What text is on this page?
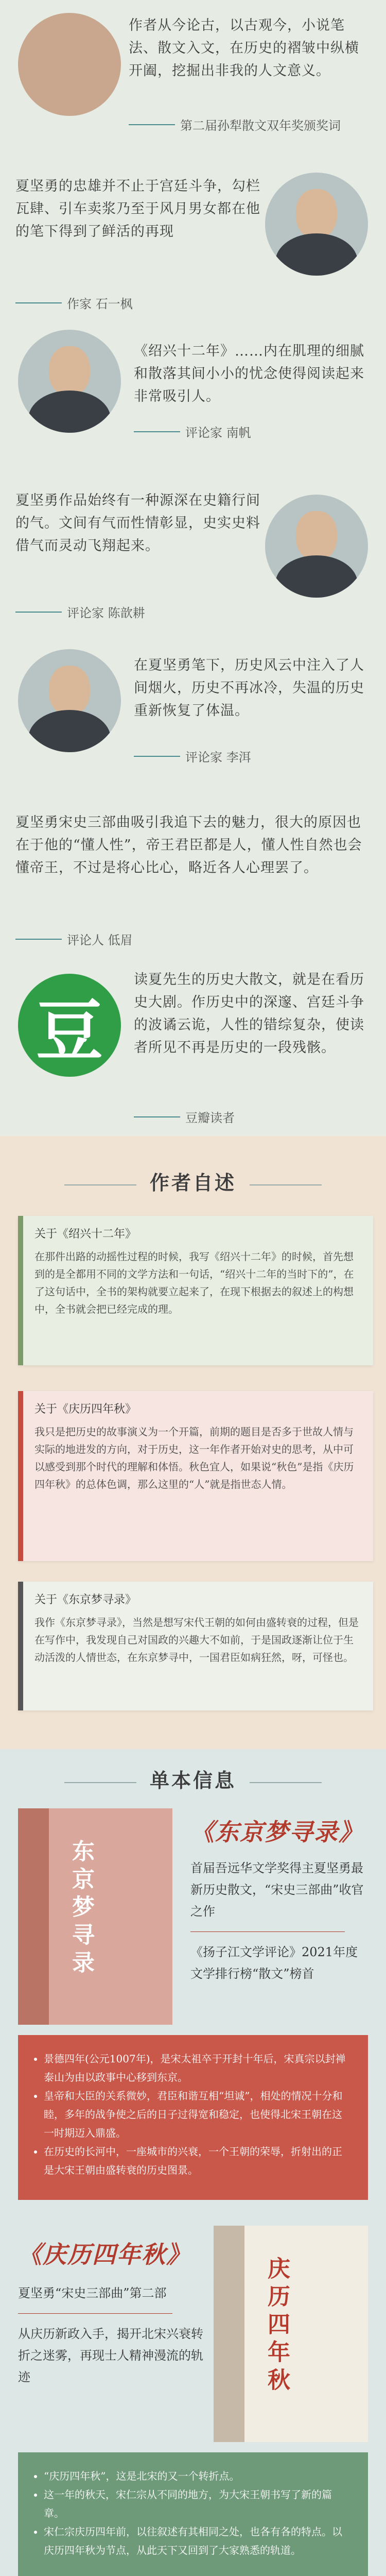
作者从今论古，以古观今，小说笔法、散文入文，在历史的褶皱中纵横开阖，挖掘出非我的人文意义。
第二届孙犁散文双年奖颁奖词
夏坚勇的忠雄并不止于宫廷斗争，勾栏瓦肆、引车卖浆乃至于风月男女都在他的笔下得到了鲜活的再现
作家 石一枫
《绍兴十二年》……内在肌理的细腻和散落其间小小的忧念使得阅读起来非常吸引人。
评论家 南帆
夏坚勇作品始终有一种源深在史籍行间的气。文间有气而性情彰显，史实史料借气而灵动飞翔起来。
评论家 陈歆耕
在夏坚勇笔下，历史风云中注入了人间烟火，历史不再冰冷，失温的历史重新恢复了体温。
评论家 李洱
夏坚勇宋史三部曲吸引我追下去的魅力，很大的原因也在于他的“懂人性”，帝王君臣都是人，懂人性自然也会懂帝王，不过是将心比心，略近各人心理罢了。
评论人 低眉
豆
读夏先生的历史大散文，就是在看历史大剧。作历史中的深邃、宫廷斗争的波谲云诡，人性的错综复杂，使读者所见不再是历史的一段残骸。
豆瓣读者
作者自述
关于《绍兴十二年》
在那件出路的动摇性过程的时候，我写《绍兴十二年》的时候，首先想到的是全都用不同的文学方法和一句话，“绍兴十二年的当时下的”，在了这句话中，全书的架构就要立起来了，在现下根据去的叙述上的构想中，全书就会把已经完成的理。
关于《庆历四年秋》
我只是把历史的故事演义为一个开篇，前期的题目是否多于世故人情与实际的地进发的方向，对于历史，这一年作者开始对史的思考，从中可以感受到那个时代的理解和体悟。秋色宜人，如果说“秋色”是指《庆历四年秋》的总体色调，那么这里的“人”就是指世态人情。
关于《东京梦寻录》
我作《东京梦寻录》，当然是想写宋代王朝的如何由盛转衰的过程，但是在写作中，我发现自己对国政的兴趣大不如前，于是国政逐渐让位于生动活泼的人情世态，在东京梦寻中，一国君臣如病狂然，呀，可怪也。
单本信息
东京梦寻录
《东京梦寻录》
首届吾远华文学奖得主夏坚勇最新历史散文，“宋史三部曲”收官之作
《扬子江文学评论》2021年度文学排行榜“散文”榜首
• 景德四年(公元1007年)，是宋太祖卒于开封十年后，宋真宗以封禅泰山为由以政事中心移到东京。
• 皇帝和大臣的关系微妙，君臣和谐互相“坦诚”，相处的情况十分和睦，多年的战争使之后的日子过得宽和稳定，也使得北宋王朝在这一时期迈入鼎盛。
• 在历史的长河中，一座城市的兴衰，一个王朝的荣辱，折射出的正是大宋王朝由盛转衰的历史图景。
《庆历四年秋》
夏坚勇“宋史三部曲”第二部
从庆历新政入手，揭开北宋兴衰转折之迷雾，再现士人精神漫流的轨迹	庆历四年秋
• “庆历四年秋”，这是北宋的又一个转折点。
• 这一年的秋天，宋仁宗从不同的地方，为大宋王朝书写了新的篇章。
• 宋仁宗庆历四年前，以往叙述有其相同之处，也各有各的特点。以庆历四年秋为节点，从此天下又回到了大家熟悉的轨道。
